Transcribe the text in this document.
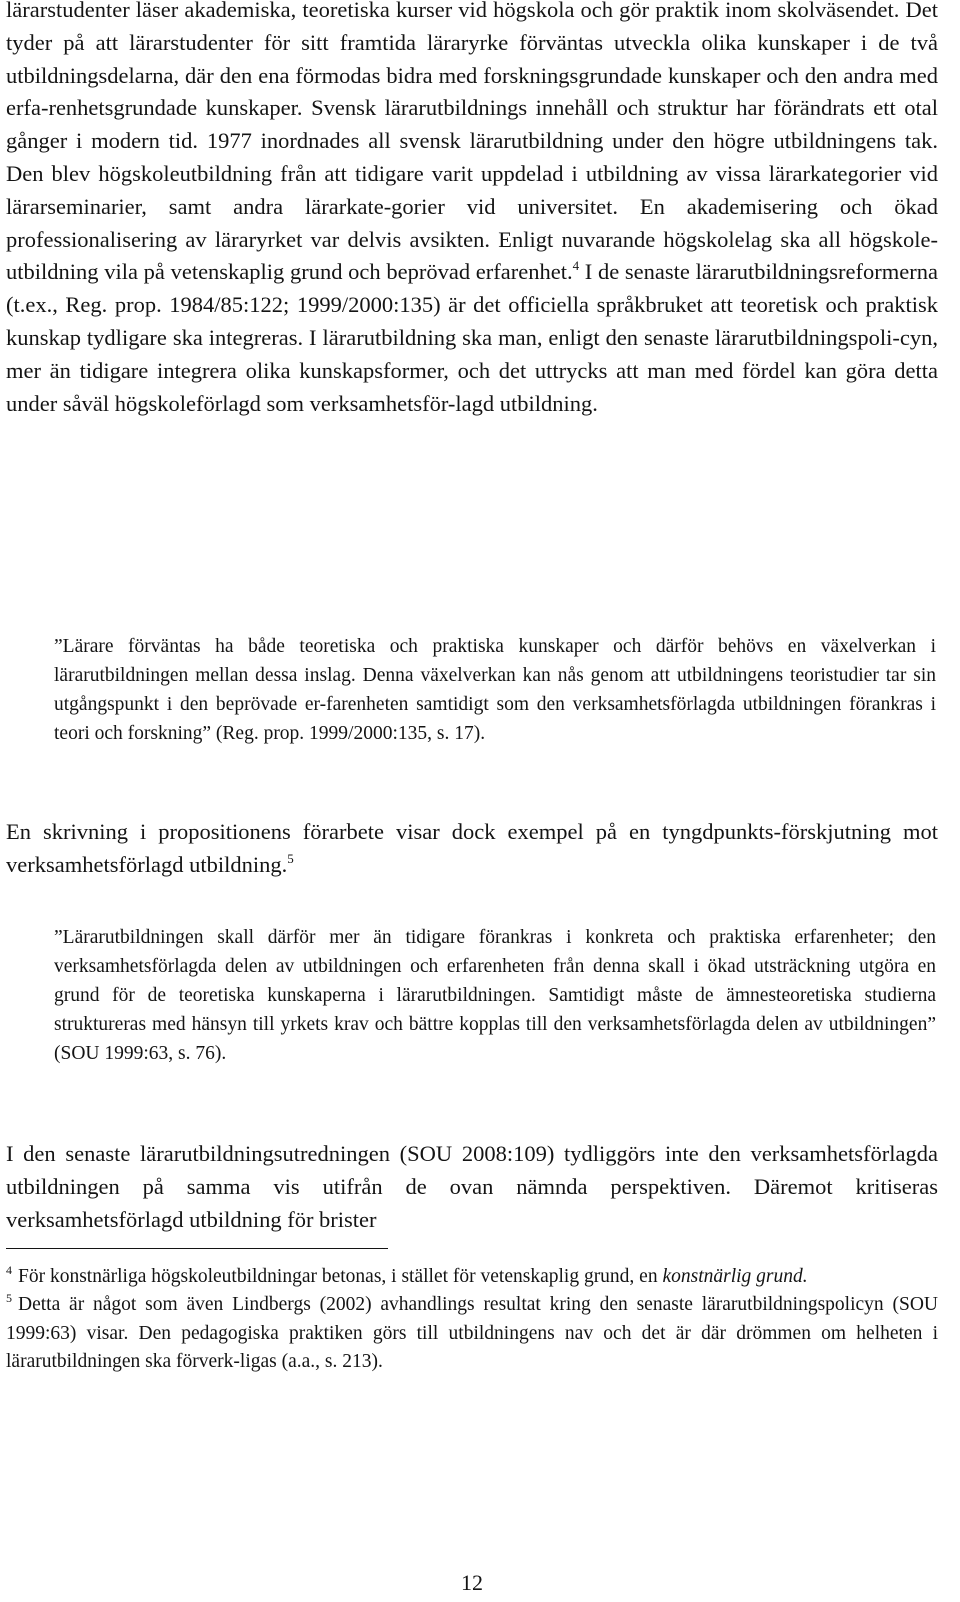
lärarstudenter läser akademiska, teoretiska kurser vid högskola och gör praktik inom skolväsendet. Det tyder på att lärarstudenter för sitt framtida läraryrke förväntas utveckla olika kunskaper i de två utbildningsdelarna, där den ena förmodas bidra med forskningsgrundade kunskaper och den andra med erfa-renhetsgrundade kunskaper. Svensk lärarutbildnings innehåll och struktur har förändrats ett otal gånger i modern tid. 1977 inordnades all svensk lärarutbildning under den högre utbildningens tak. Den blev högskoleutbildning från att tidigare varit uppdelad i utbildning av vissa lärarkategorier vid lärarseminarier, samt andra lärarkate-gorier vid universitet. En akademisering och ökad professionalisering av läraryrket var delvis avsikten. Enligt nuvarande högskolelag ska all högskole-utbildning vila på vetenskaplig grund och beprövad erfarenhet.$^4$ I de senaste lärarutbildningsreformerna (t.ex., Reg. prop. 1984/85:122; 1999/2000:135) är det officiella språkbruket att teoretisk och praktisk kunskap tydligare ska integreras. I lärarutbildning ska man, enligt den senaste lärarutbildningspoli-cyn, mer än tidigare integrera olika kunskapsformer, och det uttrycks att man med fördel kan göra detta under såväl högskoleförlagd som verksamhetsför-lagd utbildning.

”Lärare förväntas ha både teoretiska och praktiska kunskaper och därför behövs en växelverkan i lärarutbildningen mellan dessa inslag. Denna växelverkan kan nås genom att utbildningens teoristudier tar sin utgångspunkt i den beprövade er-farenheten samtidigt som den verksamhetsförlagda utbildningen förankras i teori och forskning” (Reg. prop. 1999/2000:135, s. 17).

En skrivning i propositionens förarbete visar dock exempel på en tyngdpunkts-förskjutning mot verksamhetsförlagd utbildning.$^5$

”Lärarutbildningen skall därför mer än tidigare förankras i konkreta och praktiska erfarenheter; den verksamhetsförlagda delen av utbildningen och erfarenheten från denna skall i ökad utsträckning utgöra en grund för de teoretiska kunskaperna i lärarutbildningen. Samtidigt måste de ämnesteoretiska studierna struktureras med hänsyn till yrkets krav och bättre kopplas till den verksamhetsförlagda delen av utbildningen” (SOU 1999:63, s. 76).

I den senaste lärarutbildningsutredningen (SOU 2008:109) tydliggörs inte den verksamhetsförlagda utbildningen på samma vis utifrån de ovan nämnda perspektiven. Däremot kritiseras verksamhetsförlagd utbildning för brister

$^4$ För konstnärliga högskoleutbildningar betonas, i stället för vetenskaplig grund, en konstnärlig grund.

$^5$ Detta är något som även Lindbergs (2002) avhandlings resultat kring den senaste lärarutbildningspolicyn (SOU 1999:63) visar. Den pedagogiska praktiken görs till utbildningens nav och det är där drömmen om helheten i lärarutbildningen ska förverk-ligas (a.a., s. 213).

12
